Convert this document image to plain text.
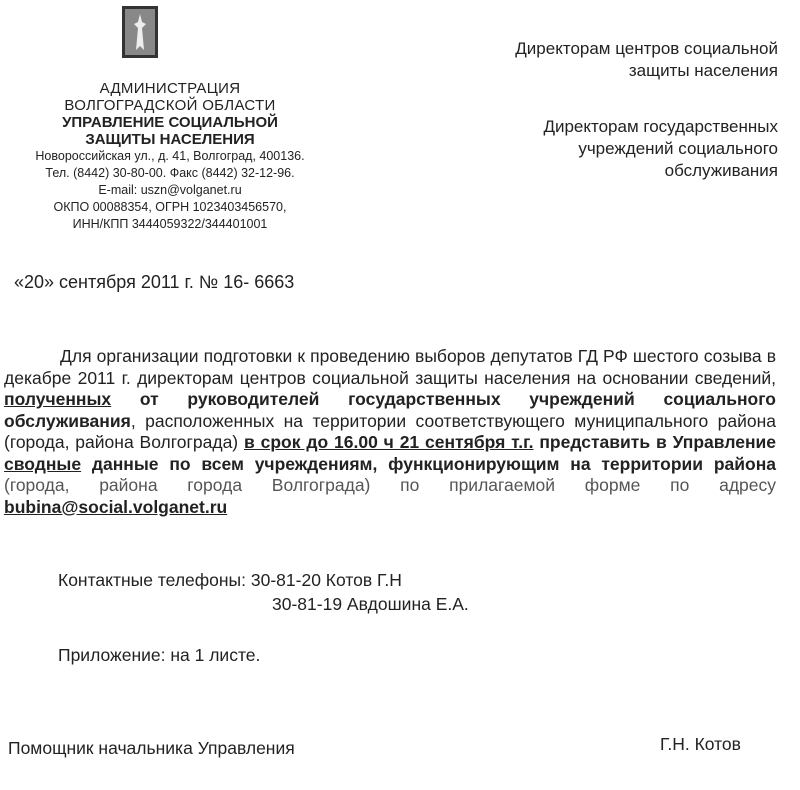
АДМИНИСТРАЦИЯ
ВОЛГОГРАДСКОЙ ОБЛАСТИ
УПРАВЛЕНИЕ СОЦИАЛЬНОЙ
ЗАЩИТЫ НАСЕЛЕНИЯ
Новороссийская ул., д. 41, Волгоград, 400136.
Тел. (8442) 30-80-00. Факс (8442) 32-12-96.
E-mail: uszn@volganet.ru
ОКПО 00088354, ОГРН 1023403456570,
ИНН/КПП 3444059322/344401001
Директорам центров социальной
защиты населения
Директорам государственных
учреждений социального
обслуживания
«20» сентября 2011 г. № 16- 6663
Для организации подготовки к проведению выборов депутатов ГД РФ шестого созыва в декабре 2011 г. директорам центров социальной защиты населения на основании сведений, полученных от руководителей государственных учреждений социального обслуживания, расположенных на территории соответствующего муниципального района (города, района Волгограда) в срок до 16.00 ч 21 сентября т.г. представить в Управление сводные данные по всем учреждениям, функционирующим на территории района (города, района города Волгограда) по прилагаемой форме по адресу bubina@social.volganet.ru
Контактные телефоны: 30-81-20 Котов Г.Н
30-81-19 Авдошина Е.А.
Приложение: на 1 листе.
Помощник начальника Управления	Г.Н. Котов
